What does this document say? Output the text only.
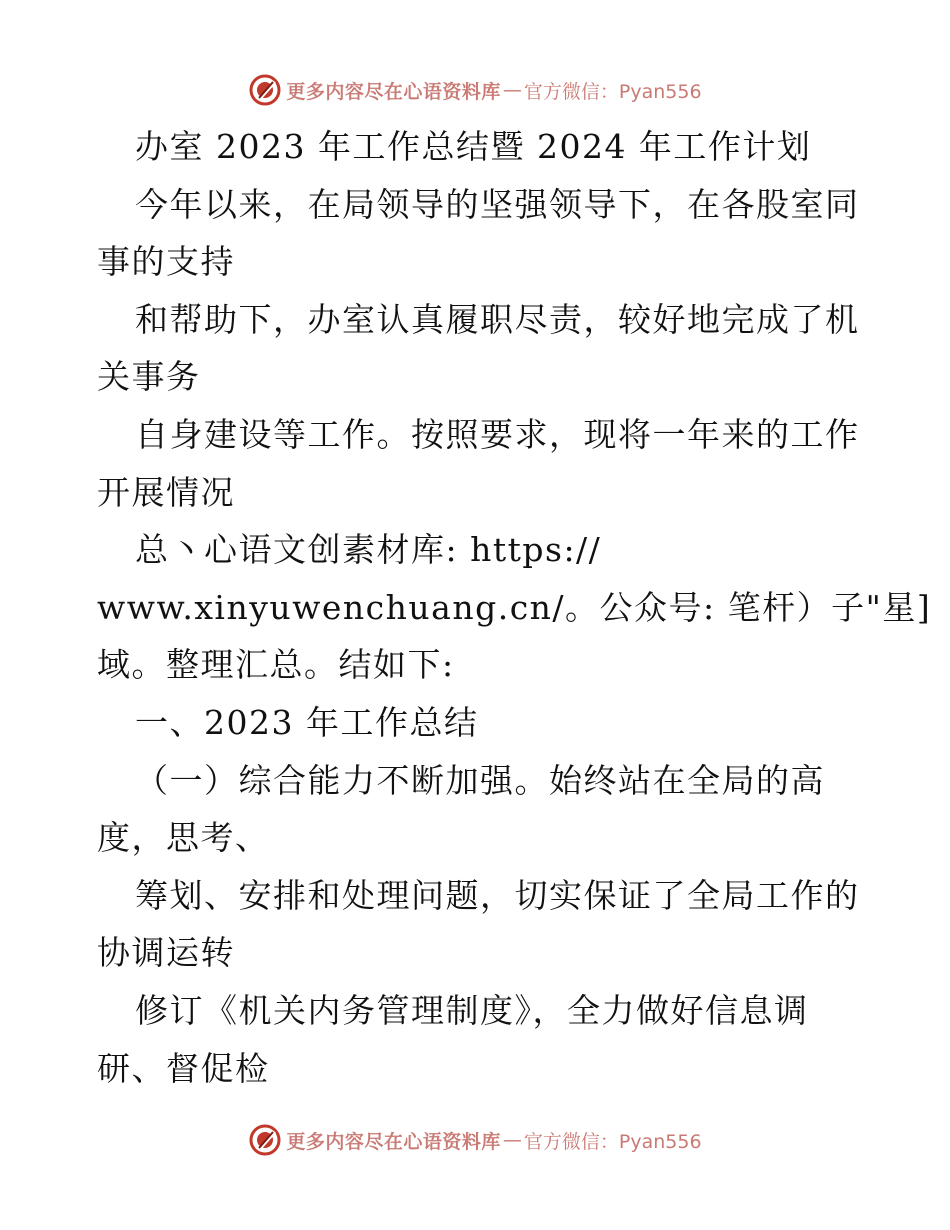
更多内容尽在心语资料库 — 官方微信：Pyan556
办室 2023 年工作总结暨 2024 年工作计划
今年以来，在局领导的坚强领导下，在各股室同
事的支持
和帮助下，办室认真履职尽责，较好地完成了机
关事务
自身建设等工作。按照要求，现将一年来的工作
开展情况
总丶心语文创素材库: https://
www.xinyuwenchuang.cn/。公众号: 笔杆）子"星]
域。整理汇总。结如下:
一、2023 年工作总结
（一）综合能力不断加强。始终站在全局的高
度，思考、
筹划、安排和处理问题，切实保证了全局工作的
协调运转
修订《机关内务管理制度》，全力做好信息调
研、督促检
更多内容尽在心语资料库 — 官方微信：Pyan556
